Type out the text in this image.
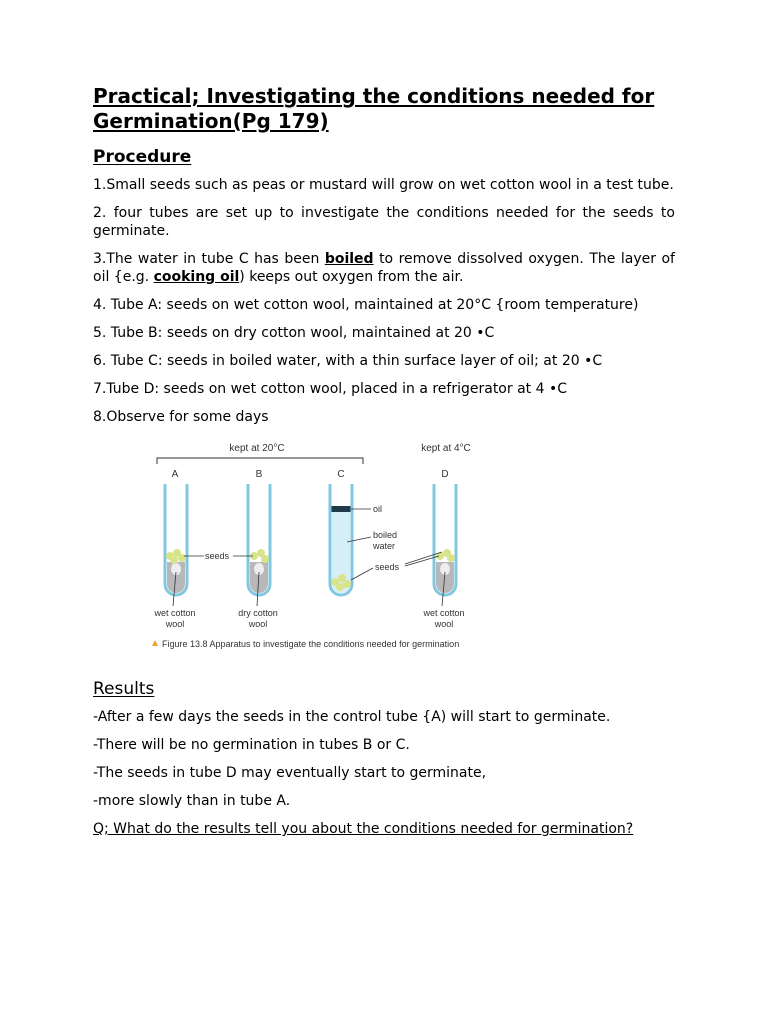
Practical; Investigating the conditions needed for Germination(Pg 179)
Procedure

1.Small seeds such as peas or mustard will grow on wet cotton wool in a test tube.

2. four tubes are set up to investigate the conditions needed for the seeds to germinate.

3.The water in tube C has been boiled to remove dissolved oxygen. The layer of oil {e.g. cooking oil) keeps out oxygen from the air.

4. Tube A: seeds on wet cotton wool, maintained at 20°C {room temperature)

5. Tube B: seeds on dry cotton wool, maintained at 20 •C

6. Tube C: seeds in boiled water, with a thin surface layer of oil; at 20 •C

7.Tube D: seeds on wet cotton wool, placed in a refrigerator at 4 •C

8.Observe for some days

kept at 20°C	kept at 4°C
A	B	C	D
seeds
oil
boiled
water
seeds
wet cotton
wool
dry cotton
wool
wet cotton
wool
Figure 13.8 Apparatus to investigate the conditions needed for germination
Results

-After a few days the seeds in the control tube {A) will start to germinate.

-There will be no germination in tubes B or C.

-The seeds in tube D may eventually start to germinate,

-more slowly than in tube A.

Q; What do the results tell you about the conditions needed for germination?
